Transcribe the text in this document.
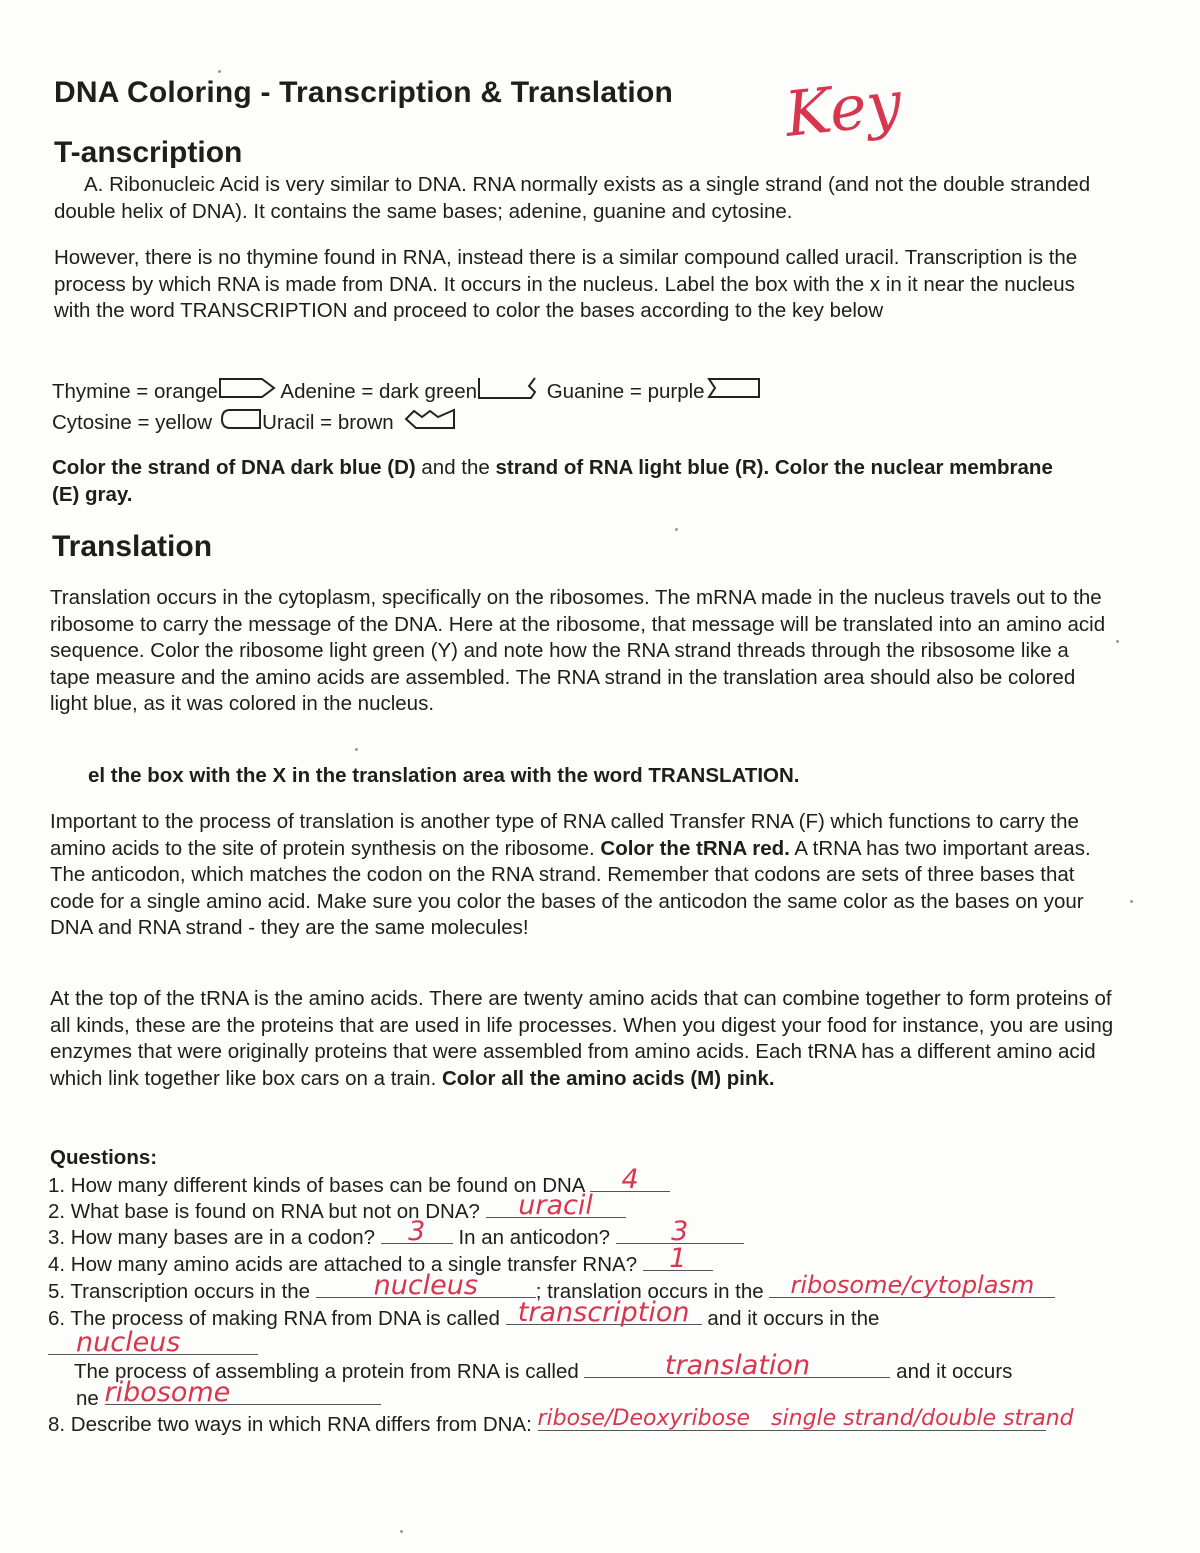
DNA Coloring - Transcription & Translation Key
T-anscription

A. Ribonucleic Acid is very similar to DNA. RNA normally exists as a single strand (and not the double stranded double helix of DNA). It contains the same bases; adenine, guanine and cytosine.

However, there is no thymine found in RNA, instead there is a similar compound called uracil. Transcription is the process by which RNA is made from DNA. It occurs in the nucleus. Label the box with the x in it near the nucleus with the word TRANSCRIPTION and proceed to color the bases according to the key below

Thymine = orange	Adenine = dark green	Guanine = purple
Cytosine = yellow Uracil = brown

Color the strand of DNA dark blue (D) and the strand of RNA light blue (R). Color the nuclear membrane (E) gray.

Translation

Translation occurs in the cytoplasm, specifically on the ribosomes. The mRNA made in the nucleus travels out to the ribosome to carry the message of the DNA. Here at the ribosome, that message will be translated into an amino acid sequence. Color the ribosome light green (Y) and note how the RNA strand threads through the ribsosome like a tape measure and the amino acids are assembled. The RNA strand in the translation area should also be colored light blue, as it was colored in the nucleus.

el the box with the X in the translation area with the word TRANSLATION.

Important to the process of translation is another type of RNA called Transfer RNA (F) which functions to carry the amino acids to the site of protein synthesis on the ribosome. Color the tRNA red. A tRNA has two important areas. The anticodon, which matches the codon on the RNA strand. Remember that codons are sets of three bases that code for a single amino acid. Make sure you color the bases of the anticodon the same color as the bases on your DNA and RNA strand - they are the same molecules!

At the top of the tRNA is the amino acids. There are twenty amino acids that can combine together to form proteins of all kinds, these are the proteins that are used in life processes. When you digest your food for instance, you are using enzymes that were originally proteins that were assembled from amino acids. Each tRNA has a different amino acid which link together like box cars on a train. Color all the amino acids (M) pink.

Questions:
1. How many different kinds of bases can be found on DNA	4
2. What base is found on RNA but not on DNA?	uracil
3. How many bases are in a codon?	3	In an anticodon?	3
4. How many amino acids are attached to a single transfer RNA?	1
5. Transcription occurs in the	nucleus	; translation occurs in the	ribosome/cytoplasm
6. The process of making RNA from DNA is called transcription and it occurs in the
nucleus
The process of assembling a protein from RNA is called	translation	and it occurs
ne ribosome
8. Describe two ways in which RNA differs from DNA: ribose/Deoxyribose single strand/double strand
